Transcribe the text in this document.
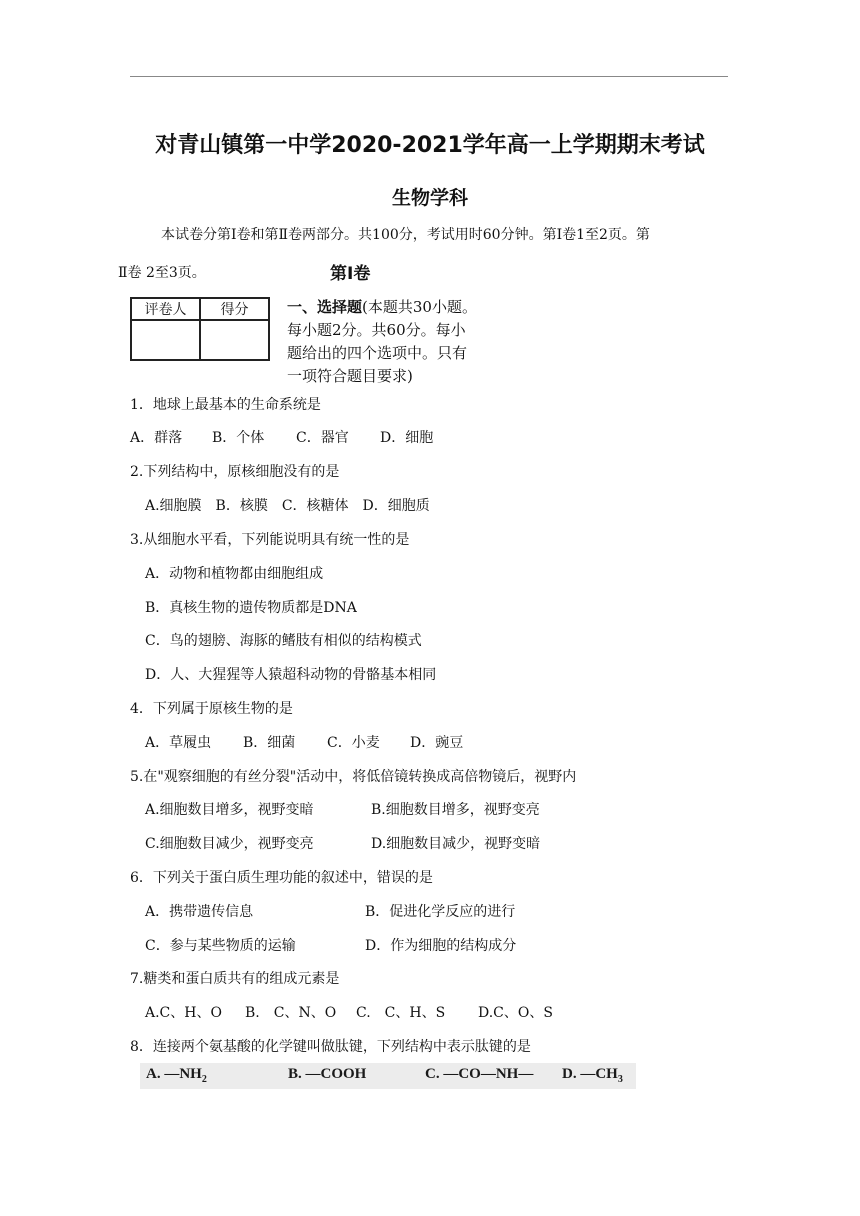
对青山镇第一中学2020-2021学年高一上学期期末考试
生物学科
本试卷分第Ⅰ卷和第Ⅱ卷两部分。共100分，考试用时60分钟。第Ⅰ卷1至2页。第
Ⅱ卷 2至3页。	第Ⅰ卷
评卷人	得分
		一、选择题(本题共30小题。
每小题2分。共60分。每小
题给出的四个选项中。只有
一项符合题目要求)
1．地球上最基本的生命系统是
A．群落 B．个体 C．器官 D．细胞
2.下列结构中，原核细胞没有的是
A.细胞膜　B．核膜　C．核糖体　D．细胞质
3.从细胞水平看，下列能说明具有统一性的是
A．动物和植物都由细胞组成
B．真核生物的遗传物质都是DNA
C．鸟的翅膀、海豚的鳍肢有相似的结构模式
D．人、大猩猩等人猿超科动物的骨骼基本相同
4．下列属于原核生物的是
A．草履虫 B．细菌 C．小麦 D．豌豆
5.在"观察细胞的有丝分裂"活动中，将低倍镜转换成高倍物镜后，视野内
A.细胞数目增多，视野变暗	B.细胞数目增多，视野变亮
C.细胞数目减少，视野变亮	D.细胞数目减少，视野变暗
6．下列关于蛋白质生理功能的叙述中，错误的是
A．携带遗传信息	B．促进化学反应的进行
C．参与某些物质的运输	D．作为细胞的结构成分
7.糖类和蛋白质共有的组成元素是
A.C、H、O B.　C、N、O C.　C、H、S D.C、O、S
8．连接两个氨基酸的化学键叫做肽键，下列结构中表示肽键的是
A. $—NH_2$	B. —COOH	C. —CO—NH— D. $—CH_3$
